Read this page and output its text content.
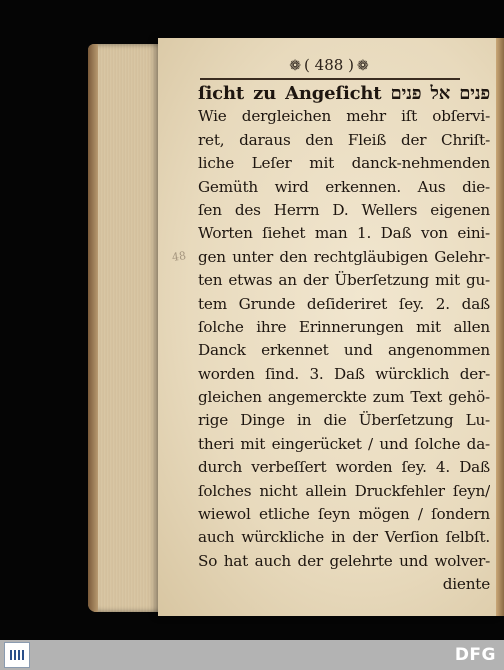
❁ ( 488 ) ❁
48
ſicht zu Angeſicht פנים אל פנים
Wie dergleichen mehr iſt obſervi-
ret, daraus den Fleiß der Chriſt-
liche Leſer mit danck-nehmenden
Gemüth wird erkennen. Aus die-
ſen des Herrn D. Wellers eigenen
Worten ſiehet man 1. Daß von eini-
gen unter den rechtgläubigen Gelehr-
ten etwas an der Überſetzung mit gu-
tem Grunde deſideriret ſey. 2. daß
ſolche ihre Erinnerungen mit allen
Danck erkennet und angenommen
worden ſind. 3. Daß würcklich der-
gleichen angemerckte zum Text gehö-
rige Dinge in die Überſetzung Lu-
theri mit eingerücket / und ſolche da-
durch verbeſſert worden ſey. 4. Daß
ſolches nicht allein Druckfehler ſeyn/
wiewol etliche ſeyn mögen / ſondern
auch würckliche in der Verſion ſelbſt.
So hat auch der gelehrte und wolver-
diente
DFG
